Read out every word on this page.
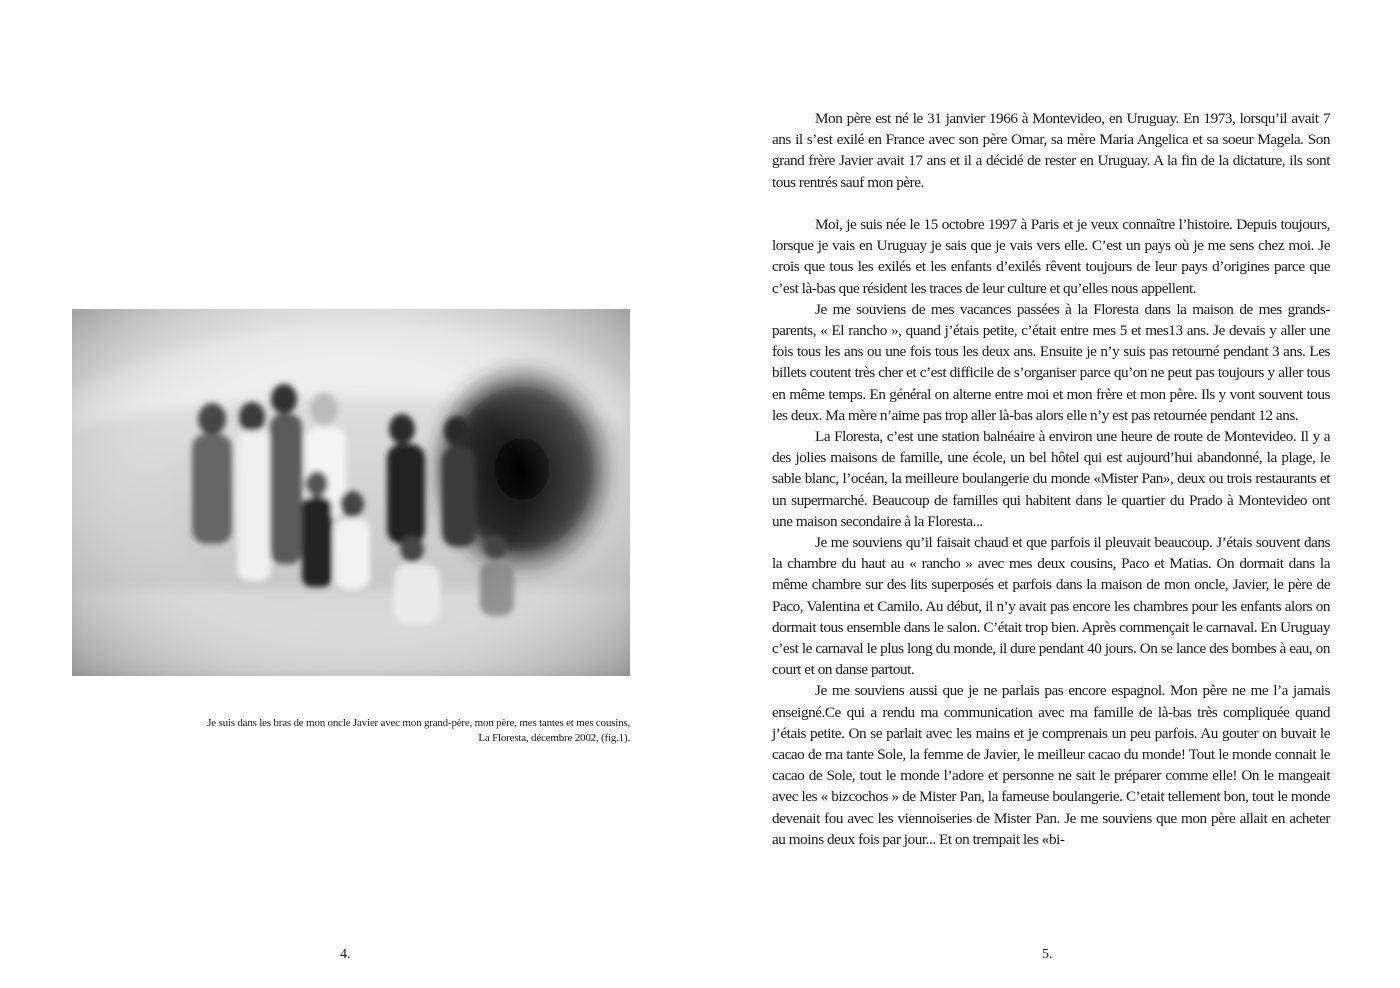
Je suis dans les bras de mon oncle Javier avec mon grand-père, mon père, mes tantes et mes cousins,
La Floresta, décembre 2002, (fig.1).
4.

Mon père est né le 31 janvier 1966 à Montevideo, en Uruguay. En 1973, lorsqu’il avait 7 ans il s’est exilé en France avec son père Omar, sa mère Maria Angelica et sa soeur Magela. Son grand frère Javier avait 17 ans et il a décidé de rester en Uruguay. A la fin de la dictature, ils sont tous rentrés sauf mon père.

Moi, je suis née le 15 octobre 1997 à Paris et je veux connaître l’histoire. Depuis toujours, lorsque je vais en Uruguay je sais que je vais vers elle. C’est un pays où je me sens chez moi. Je crois que tous les exilés et les enfants d’exilés rêvent toujours de leur pays d’origines parce que c’est là-bas que résident les traces de leur culture et qu’elles nous appellent.

Je me souviens de mes vacances passées à la Floresta dans la maison de mes grands-parents, « El rancho », quand j’étais petite, c’était entre mes 5 et mes13 ans. Je devais y aller une fois tous les ans ou une fois tous les deux ans. Ensuite je n’y suis pas retourné pendant 3 ans. Les billets coutent très cher et c’est difficile de s’organiser parce qu’on ne peut pas toujours y aller tous en même temps. En général on alterne entre moi et mon frère et mon père. Ils y vont souvent tous les deux. Ma mère n’aime pas trop aller là-bas alors elle n’y est pas retournée pendant 12 ans.

La Floresta, c’est une station balnéaire à environ une heure de route de Montevideo. Il y a des jolies maisons de famille, une école, un bel hôtel qui est aujourd’hui abandonné, la plage, le sable blanc, l’océan, la meilleure boulangerie du monde «Mister Pan», deux ou trois restaurants et un supermarché. Beaucoup de familles qui habitent dans le quartier du Prado à Montevideo ont une maison secondaire à la Floresta...

Je me souviens qu’il faisait chaud et que parfois il pleuvait beaucoup. J’étais souvent dans la chambre du haut au « rancho » avec mes deux cousins, Paco et Matias. On dormait dans la même chambre sur des lits superposés et parfois dans la maison de mon oncle, Javier, le père de Paco, Valentina et Camilo. Au début, il n’y avait pas encore les chambres pour les enfants alors on dormait tous ensemble dans le salon. C’était trop bien. Après commençait le carnaval. En Uruguay c’est le carnaval le plus long du monde, il dure pendant 40 jours. On se lance des bombes à eau, on court et on danse partout.

Je me souviens aussi que je ne parlais pas encore espagnol. Mon père ne me l’a jamais enseigné.Ce qui a rendu ma communication avec ma famille de là-bas très compliquée quand j’étais petite. On se parlait avec les mains et je comprenais un peu parfois. Au gouter on buvait le cacao de ma tante Sole, la femme de Javier, le meilleur cacao du monde! Tout le monde connait le cacao de Sole, tout le monde l’adore et personne ne sait le préparer comme elle! On le mangeait avec les « bizcochos » de Mister Pan, la fameuse boulangerie. C’etait tellement bon, tout le monde devenait fou avec les viennoiseries de Mister Pan. Je me souviens que mon père allait en acheter au moins deux fois par jour... Et on trempait les «bi-

5.
